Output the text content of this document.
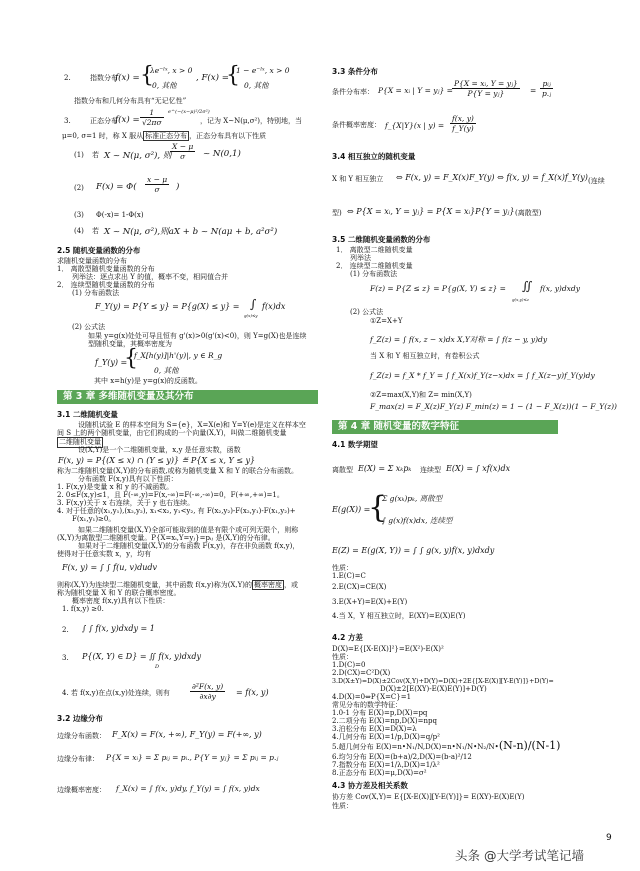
2.	指数分布
f(x) = {
λe⁻ˡˣ, x > 0
0, 其他
, F(x) =
{
1 − e⁻ˡˣ, x > 0
0, 其他
指数分布和几何分布具有“无记忆性”
3.	正态分布
$f(x) = \frac{1}{√2\pi\sigma}$ e^(−(x−μ)²/2σ²)
，记为 X~N(μ,σ²)，特别地，当
μ=0, σ=1 时，称 X 服从 标准正态分布 ，正态分布具有以下性质
(1) 若 X ~ N(μ, σ²), 则
$\frac{X - \mu}{\sigma}$ ~ N(0,1)
(2) $F(x) = \Phi( \frac{x - \mu}{\sigma}$ )
(3) Φ(-x)= 1-Φ(x)
(4) 若 X ~ N(μ, σ²),则aX + b ~ N(aμ + b, a²σ²)
2.5 随机变量函数的分布
求随机变量函数的分布
1． 离散型随机变量函数的分布
列举法：逐点求出 Y 的值，概率不变，相同值合并
2． 连续型随机变量函数的分布
(1) 分布函数法
F_Y(y) = P{Y ≤ y} = P{g(X) ≤ y} = ∫
g(x)≤y
f(x)dx
(2) 公式法
如果 y=g(x)处处可导且恒有 g'(x)>0(g'(x)<0)，则 Y=g(X)也是连续
型随机变量，其概率密度为
f_Y(y) =
{
f_X[h(y)]|h'(y)|, y ∈ R_g
0, 其他
其中 x=h(y)是 y=g(x)的反函数。
第 3 章 多维随机变量及其分布
3.1 二维随机变量
设随机试验 E 的样本空间为 S={e}，X=X(e)和 Y=Y(e)是定义在样本空
间 S 上的两个随机变量，由它们构成的一个向量(X,Y)，叫做二维随机变量
二维随机变量
设(X,Y)是一个二维随机变量，x,y 是任意实数，函数
F(x, y) = P{(X ≤ x) ∩ (Y ≤ y)} ≝ P{X ≤ x, Y ≤ y}
称为二维随机变量(X,Y)的分布函数,或称为随机变量 X 和 Y 的联合分布函数。
分布函数 F(x,y)具有以下性质：
1. F(x,y)是变量 x 和 y 的不减函数。
2. 0≤F(x,y)≤1，且 F(-∞,y)=F(x,-∞)=F(-∞,-∞)=0，F(+∞,+∞)=1。
3. F(x,y)关于 x 右连续，关于 y 也右连续。
4. 对于任意的(x₁,y₁),(x₂,y₂), x₁<x₂, y₁<y₂, 有 F(x₂,y₂)-F(x₂,y₁)-F(x₁,y₂)+
F(x₁,y₁)≥0。
如果二维随机变量(X,Y)全部可能取到的值是有限个或可列无限个，则称
(X,Y)为离散型二维随机变量。P{X=xᵢ,Y=yⱼ}=pᵢⱼ 是(X,Y)的分布律。
如果对于二维随机变量(X,Y)的分布函数 F(x,y)，存在非负函数 f(x,y)，
使得对于任意实数 x，y，均有
F(x, y) = ∫ ∫ f(u, v)dudv
则称(X,Y)为连续型二维随机变量，其中函数 f(x,y)称为(X,Y)的 概率密度 ，或
称为随机变量 X 和 Y 的联合概率密度。
概率密度 f(x,y)具有以下性质：
1. f(x,y) ≥0.
2. ∫ ∫ f(x, y)dxdy = 1
3. P{(X, Y) ∈ D} = ∬ f(x, y)dxdy
D
4. 若 f(x,y)在点(x,y)处连续，则有	$\frac{\text{∂²F(x, y)}}{\partial x\partial y} = f(x$, y)
3.2 边缘分布
边缘分布函数： F_X(x) = F(x, +∞), F_Y(y) = F(+∞, y)
边缘分布律： P{X = xᵢ} = Σ pᵢⱼ = pᵢ., P{Y = yⱼ} = Σ pᵢⱼ = p.ⱼ
边缘概率密度： f_X(x) = ∫ f(x, y)dy, f_Y(y) = ∫ f(x, y)dx
3.3 条件分布
条件分布率： P{X = xᵢ | Y = yⱼ} = $\frac{\text{P\{X = xᵢ, Y = yⱼ\}}}{\text{P\{Y = yⱼ\}}}$ =
pᵢⱼ
p.ⱼ
条件概率密度： f_{X|Y}(x | $y) = \frac{f(x, y)}{f\_Y(y)}$
3.4 相互独立的随机变量
X 和 Y 相互独立 ⇔ F(x, y) = F_X(x)F_Y(y) ⇔ f(x, y) = f_X(x)f_Y(y) (连续
型) ⇔ P{X = xᵢ, Y = yⱼ} = P{X = xᵢ}P{Y = yⱼ} (离散型)
3.5 二维随机变量函数的分布
1． 离散型二维随机变量
列举法
2． 连续型二维随机变量
(1) 分布函数法
F(z) = P{Z ≤ z} = P{g(X, Y) ≤ z} = ∬
g(x,y)≤z
f(x, y)dxdy
(2) 公式法
①Z=X+Y
f_Z(z) = ∫ f(x, z − x)dx X,Y对称 = ∫ f(z − y, y)dy
当 X 和 Y 相互独立时，有卷积公式
f_Z(z) = f_X * f_Y = ∫ f_X(x)f_Y(z−x)dx = ∫ f_X(z−y)f_Y(y)dy
②Z=max(X,Y)和 Z= min(X,Y)
F_max(z) = F_X(z)F_Y(z) F_min(z) = 1 − (1 − F_X(z))(1 − F_Y(z))
第 4 章 随机变量的数字特征
4.1 数学期望
离散型 E(X) = Σ xₖpₖ 连续型 E(X) = ∫ xf(x)dx
E(g(X)) =
{
Σ g(xₖ)pₖ, 离散型
∫ g(x)f(x)dx, 连续型
E(Z) = E(g(X, Y)) = ∫ ∫ g(x, y)f(x, y)dxdy
性质：
1.E(C)=C
2.E(CX)=CE(X)
3.E(X+Y)=E(X)+E(Y)
4.当 X，Y 相互独立时，E(XY)=E(X)E(Y)
4.2 方差
D(X)=E{[X-E(X)]²}=E(X²)-E(X)²
性质：
1.D(C)=0
2.D(CX)=C²D(X)
3.D(X±Y)=D(X)±2Cov(X,Y)+D(Y)=D(X)+2E{[X-E(X)][Y-E(Y)]}+D(Y)=
D(X)±2[E(XY)-E(X)E(Y)]+D(Y)
4.D(X)=0⇔P{X=C}=1
常见分布的数学特征：
1.0-1 分布 E(X)=p,D(X)=pq
2.二项分布 E(X)=np,D(X)=npq
3.泊松分布 E(X)=D(X)=λ
4.几何分布 E(X)=1/p,D(X)=q/p²
5.超几何分布 E(X)=n•N₁/N,D(X)=n•N₁/N•N₂/N•(N-n)/(N-1)
6.均匀分布 E(X)=(b+a)/2,D(X)=(b-a)²/12
7.指数分布 E(X)=1/λ,D(X)=1/λ²
8.正态分布 E(X)=μ,D(X)=σ²
4.3 协方差及相关系数
协方差 Cov(X,Y)= E{[X-E(X)][Y-E(Y)]}= E(XY)-E(X)E(Y)
性质：
9
头条 @大学考试笔记墙
